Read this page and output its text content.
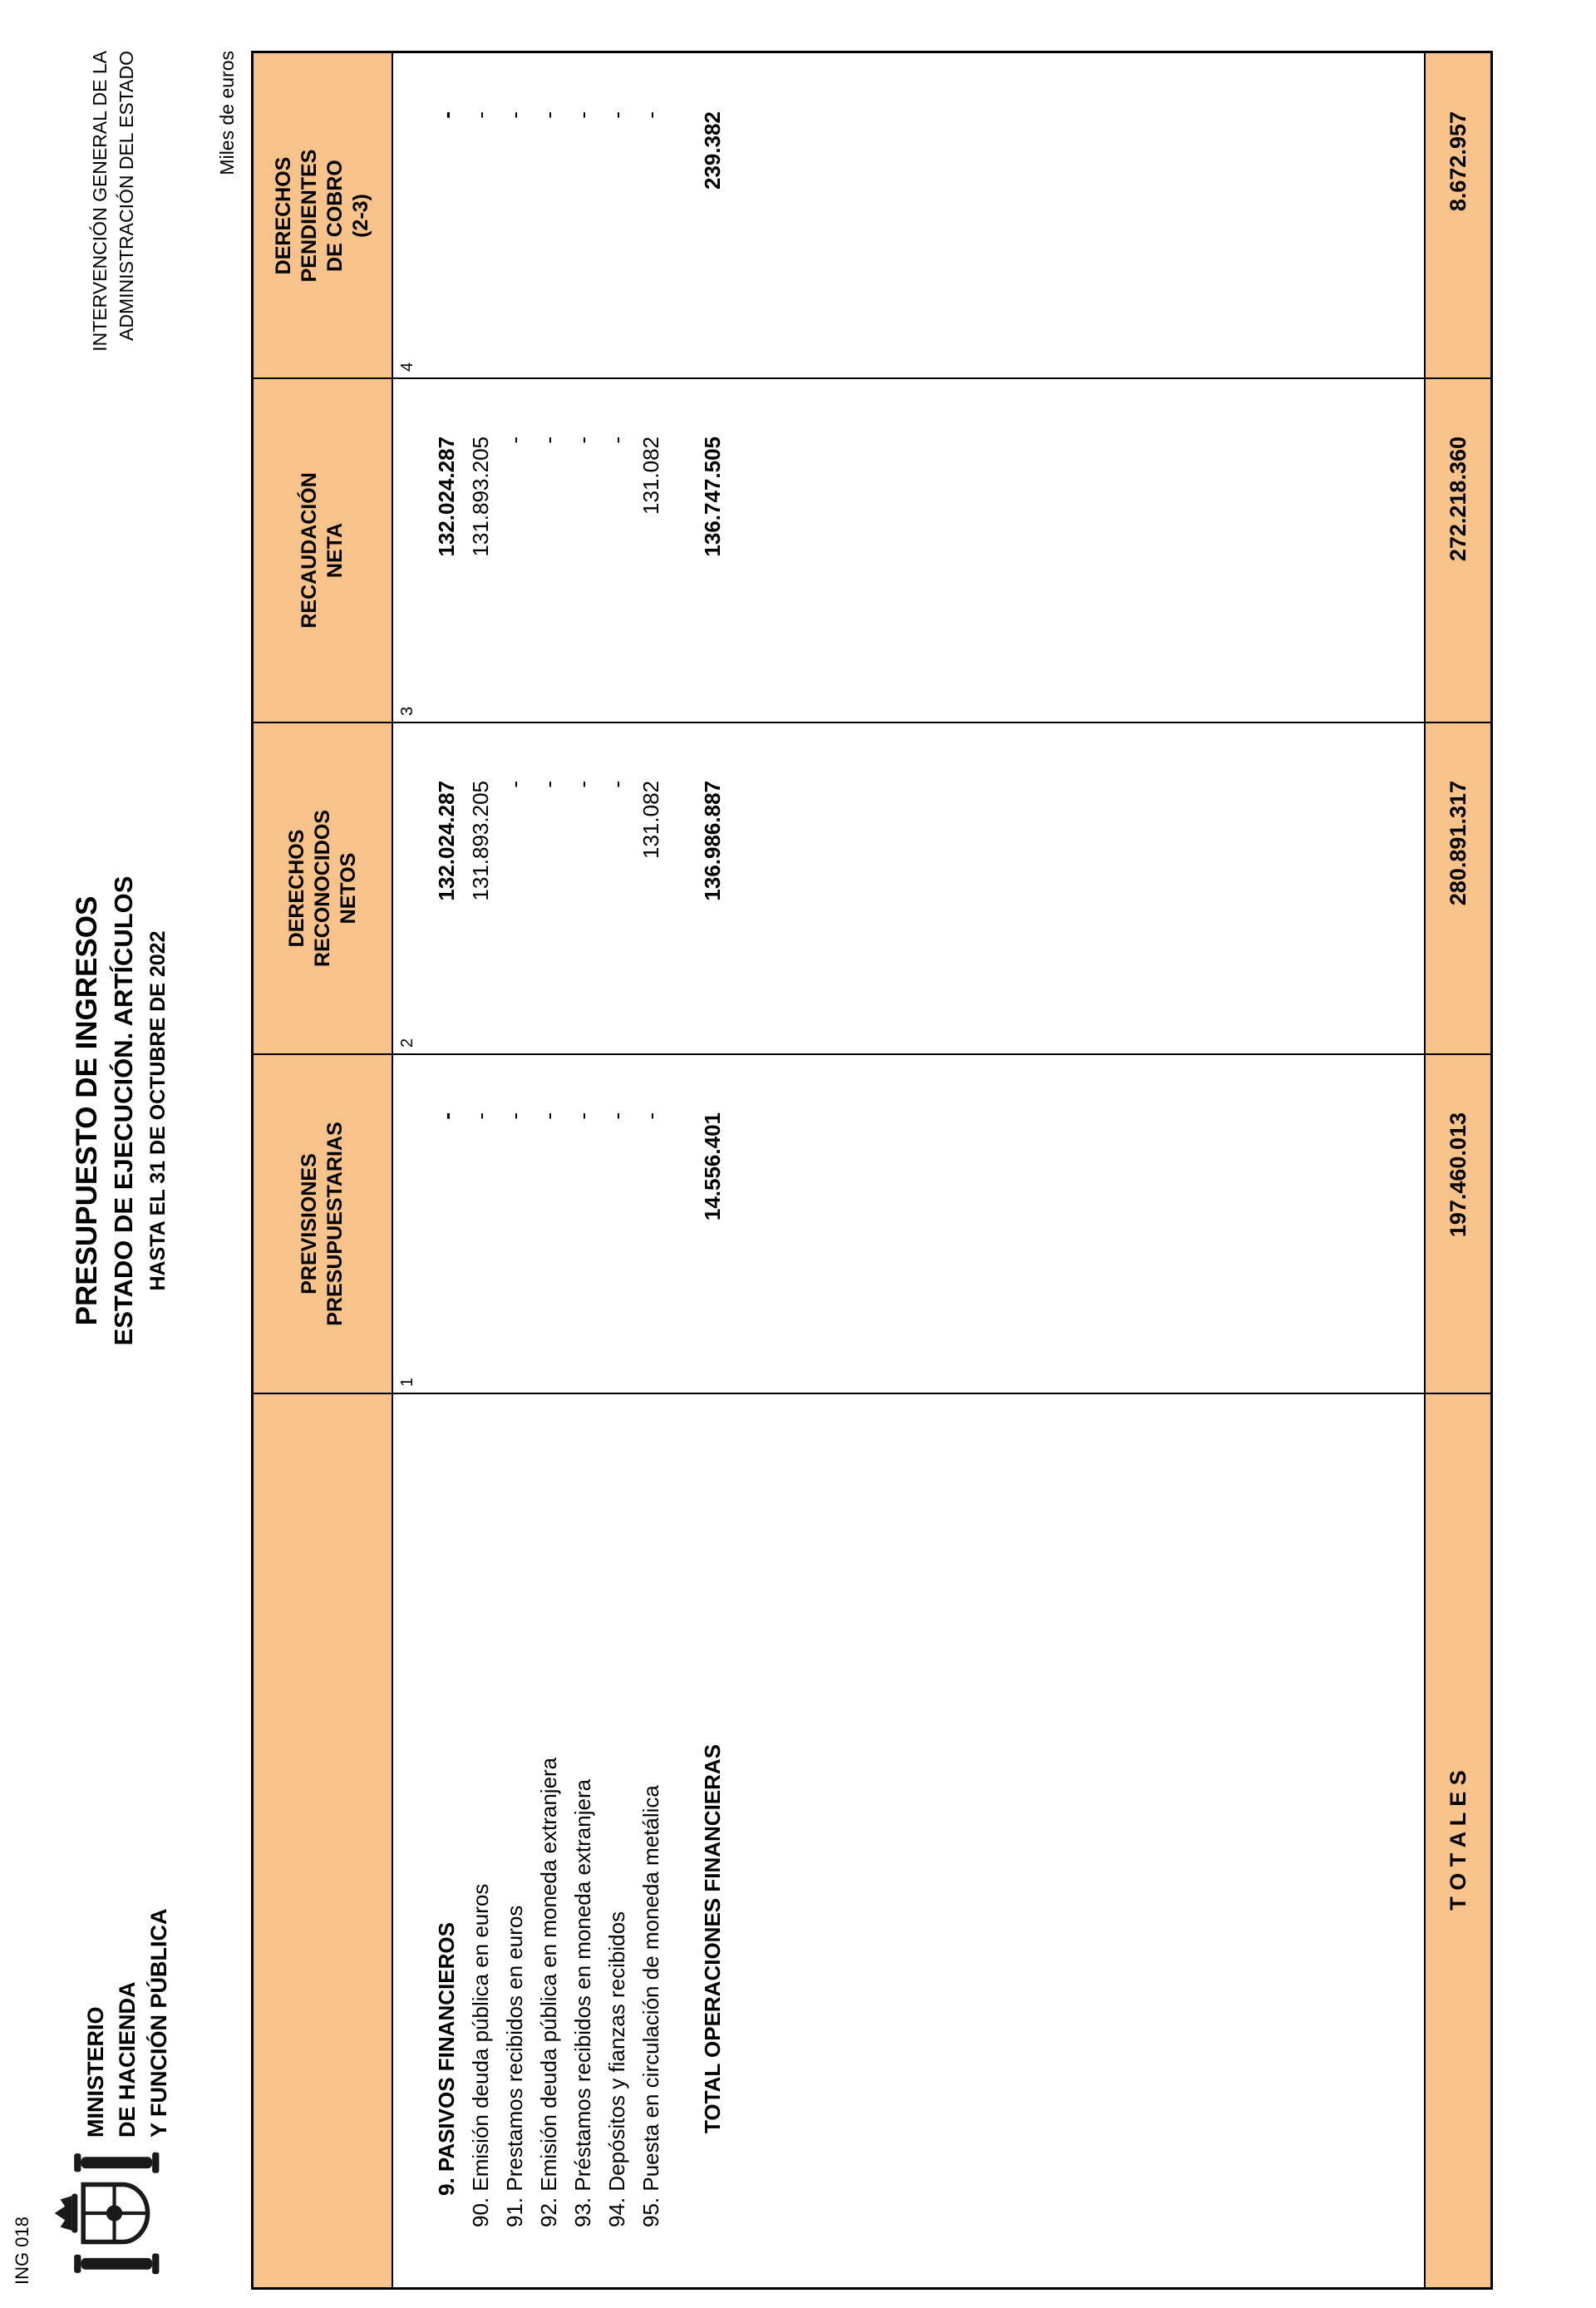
ING 018
MINISTERIO DE HACIENDA Y FUNCIÓN PÚBLICA
PRESUPUESTO DE INGRESOS ESTADO DE EJECUCIÓN. ARTÍCULOS HASTA EL 31 DE OCTUBRE DE 2022
INTERVENCIÓN GENERAL DE LA ADMINISTRACIÓN DEL ESTADO	Miles de euros
PREVISIONES
PRESUPUESTARIAS
DERECHOS
RECONOCIDOS
NETOS
RECAUDACIÓN
NETA
DERECHOS
PENDIENTES
DE COBRO
(2-3)
1
2
3
4
9. PASIVOS FINANCIEROS
-
132.024.287
132.024.287
-
90. Emisión deuda pública en euros
-
131.893.205
131.893.205
-
91. Prestamos recibidos en euros
-
-
-
-
92. Emisión deuda pública en moneda extranjera
-
-
-
-
93. Préstamos recibidos en moneda extranjera
-
-
-
-
94. Depósitos y fianzas recibidos
-
-
-
-
95. Puesta en circulación de moneda metálica
-
131.082
131.082
-
TOTAL OPERACIONES FINANCIERAS
14.556.401
136.986.887
136.747.505
239.382
T O T A L E S
197.460.013
280.891.317
272.218.360
8.672.957
